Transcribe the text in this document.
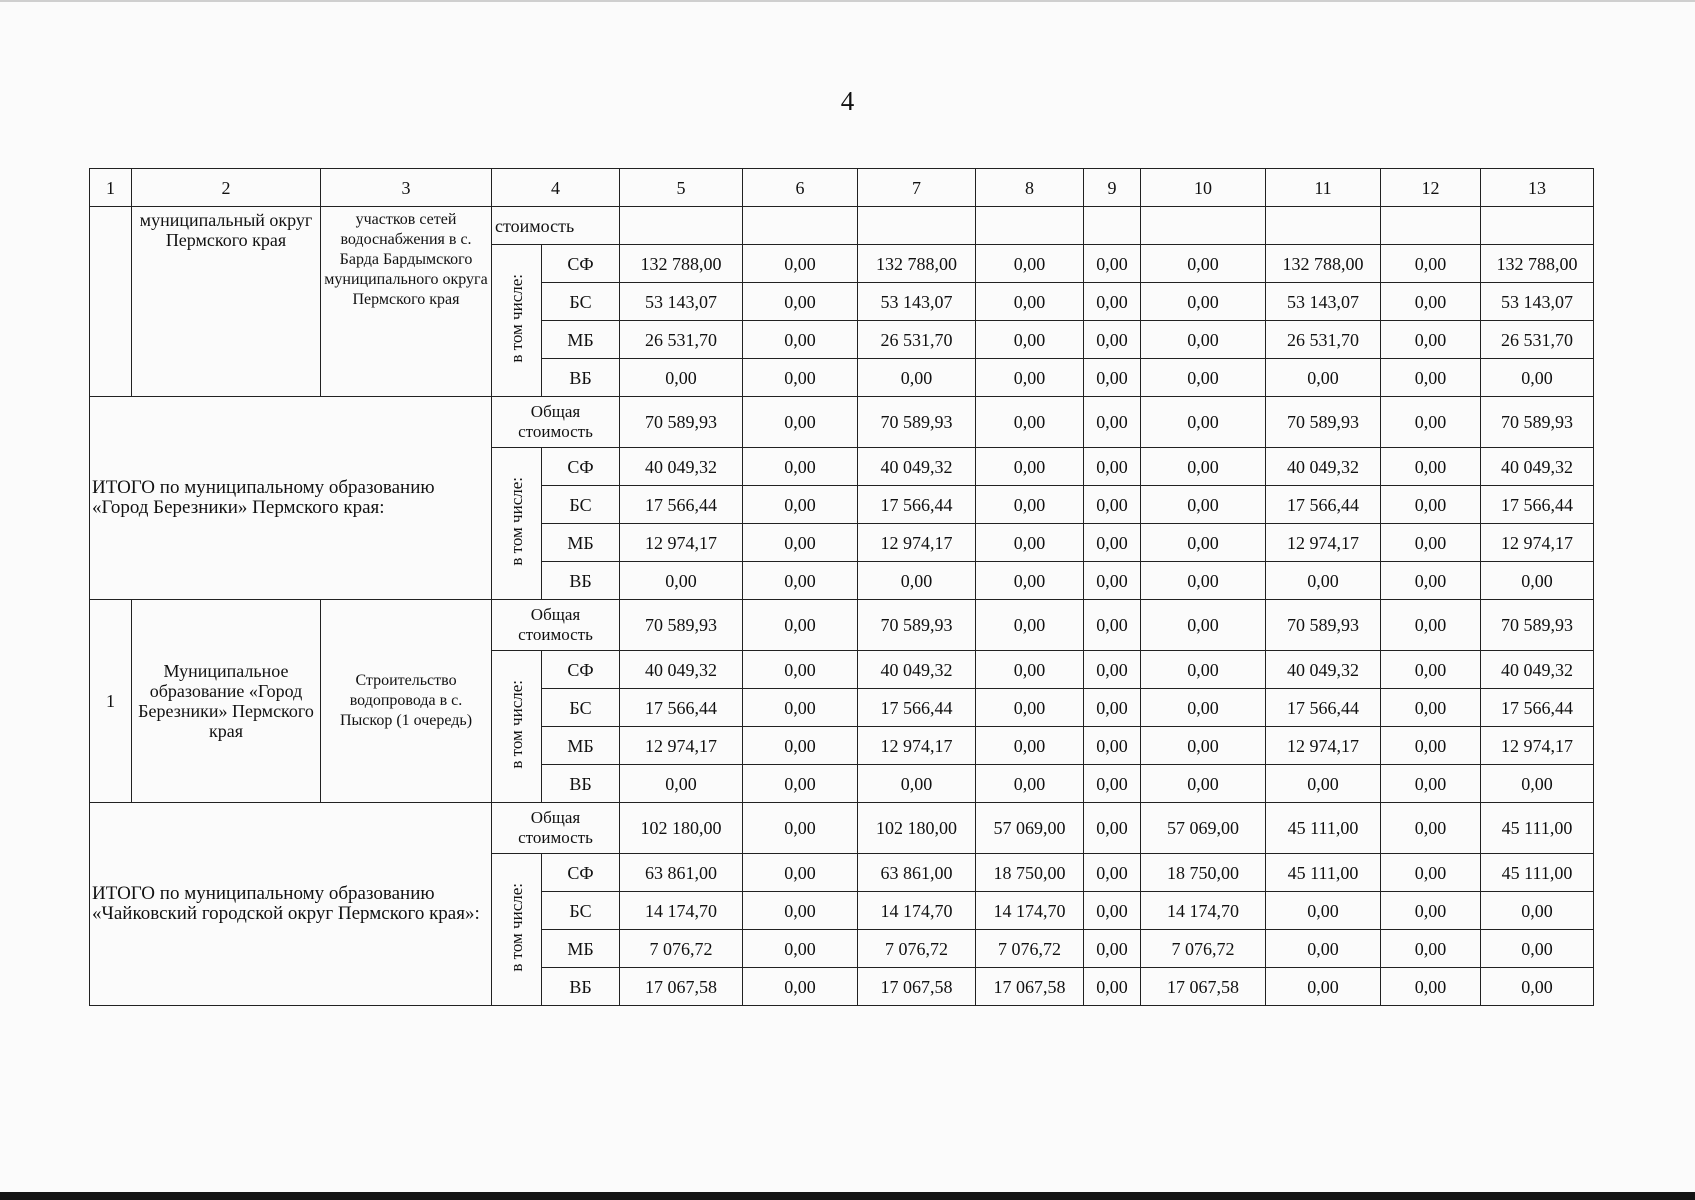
4
1	2	3	4		5	6	7	8	9	10	11	12	13
	муниципальный округ Пермского края	участков сетей водоснабжения в с. Барда Бардымского муниципального округа Пермского края	стоимость										
			в том числе:	СФ	132 788,00	0,00	132 788,00	0,00	0,00	0,00	132 788,00	0,00	132 788,00
				БС	53 143,07	0,00	53 143,07	0,00	0,00	0,00	53 143,07	0,00	53 143,07
				МБ	26 531,70	0,00	26 531,70	0,00	0,00	0,00	26 531,70	0,00	26 531,70
				ВБ	0,00	0,00	0,00	0,00	0,00	0,00	0,00	0,00	0,00
ИТОГО по муниципальному образованию «Город Березники» Пермского края:			Общая стоимость		70 589,93	0,00	70 589,93	0,00	0,00	0,00	70 589,93	0,00	70 589,93
			в том числе:	СФ	40 049,32	0,00	40 049,32	0,00	0,00	0,00	40 049,32	0,00	40 049,32
				БС	17 566,44	0,00	17 566,44	0,00	0,00	0,00	17 566,44	0,00	17 566,44
				МБ	12 974,17	0,00	12 974,17	0,00	0,00	0,00	12 974,17	0,00	12 974,17
				ВБ	0,00	0,00	0,00	0,00	0,00	0,00	0,00	0,00	0,00
1	Муниципальное образование «Город Березники» Пермского края	Строительство водопровода в с. Пыскор (1 очередь)	Общая стоимость		70 589,93	0,00	70 589,93	0,00	0,00	0,00	70 589,93	0,00	70 589,93
			в том числе:	СФ	40 049,32	0,00	40 049,32	0,00	0,00	0,00	40 049,32	0,00	40 049,32
				БС	17 566,44	0,00	17 566,44	0,00	0,00	0,00	17 566,44	0,00	17 566,44
				МБ	12 974,17	0,00	12 974,17	0,00	0,00	0,00	12 974,17	0,00	12 974,17
				ВБ	0,00	0,00	0,00	0,00	0,00	0,00	0,00	0,00	0,00
ИТОГО по муниципальному образованию «Чайковский городской округ Пермского края»:			Общая стоимость		102 180,00	0,00	102 180,00	57 069,00	0,00	57 069,00	45 111,00	0,00	45 111,00
			в том числе:	СФ	63 861,00	0,00	63 861,00	18 750,00	0,00	18 750,00	45 111,00	0,00	45 111,00
				БС	14 174,70	0,00	14 174,70	14 174,70	0,00	14 174,70	0,00	0,00	0,00
				МБ	7 076,72	0,00	7 076,72	7 076,72	0,00	7 076,72	0,00	0,00	0,00
				ВБ	17 067,58	0,00	17 067,58	17 067,58	0,00	17 067,58	0,00	0,00	0,00
